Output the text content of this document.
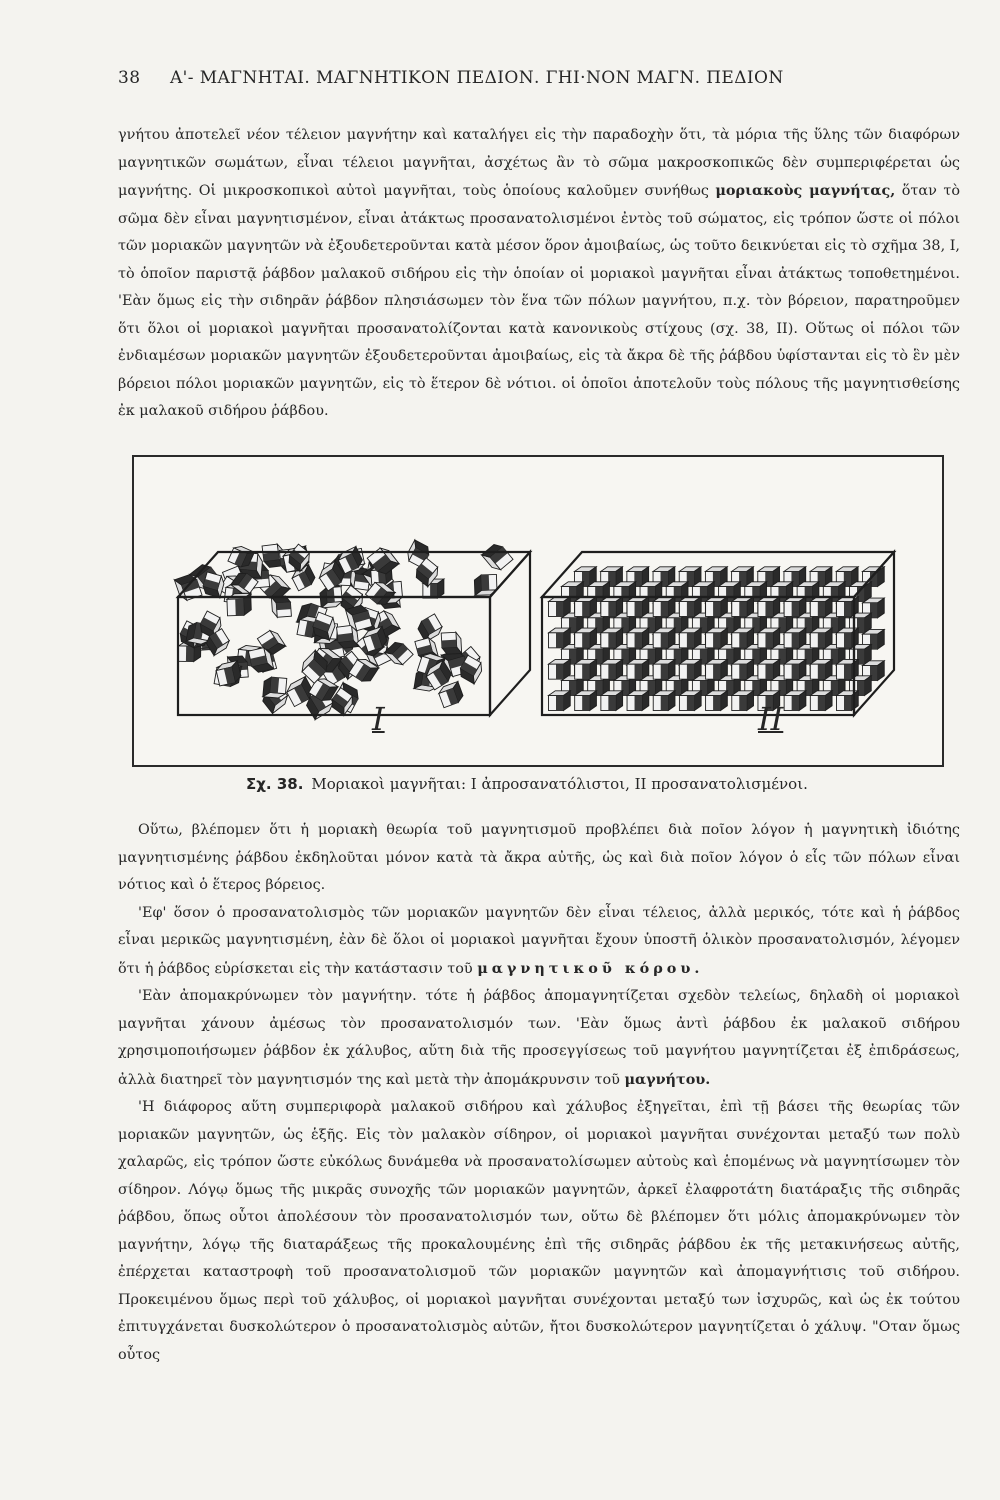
38 Α'- ΜΑΓΝΗΤΑΙ. ΜΑΓΝΗΤΙΚΟΝ ΠΕΔΙΟΝ. ΓΗΙ·ΝΟΝ ΜΑΓΝ. ΠΕΔΙΟΝ

γνήτου ἀποτελεῖ νέον τέλειον μαγνήτην καὶ καταλήγει εἰς τὴν παραδοχὴν ὅτι, τὰ μόρια τῆς ὕλης τῶν διαφόρων μαγνητικῶν σωμάτων, εἶναι τέλειοι μαγνῆται, ἀσχέτως ἂν τὸ σῶμα μακροσκοπικῶς δὲν συμπεριφέρεται ὡς μαγνήτης. Οἱ μικροσκοπικοὶ αὐτοὶ μαγνῆται, τοὺς ὁποίους καλοῦμεν συνήθως μοριακοὺς μαγνήτας, ὅταν τὸ σῶμα δὲν εἶναι μαγνητισμένον, εἶναι ἀτάκτως προσανατολισμένοι ἐντὸς τοῦ σώματος, εἰς τρόπον ὥστε οἱ πόλοι τῶν μοριακῶν μαγνητῶν νὰ ἐξουδετεροῦνται κατὰ μέσον ὅρον ἀμοιβαίως, ὡς τοῦτο δεικνύεται εἰς τὸ σχῆμα 38, I, τὸ ὁποῖον παριστᾷ ῥάβδον μαλακοῦ σιδήρου εἰς τὴν ὁποίαν οἱ μοριακοὶ μαγνῆται εἶναι ἀτάκτως τοποθετημένοι. 'Εὰν ὅμως εἰς τὴν σιδηρᾶν ῥάβδον πλησιάσωμεν τὸν ἕνα τῶν πόλων μαγνήτου, π.χ. τὸν βόρειον, παρατηροῦμεν ὅτι ὅλοι οἱ μοριακοὶ μαγνῆται προσανατολίζονται κατὰ κανονικοὺς στίχους (σχ. 38, II). Οὕτως οἱ πόλοι τῶν ἐνδιαμέσων μοριακῶν μαγνητῶν ἐξουδετεροῦνται ἀμοιβαίως, εἰς τὰ ἄκρα δὲ τῆς ῥάβδου ὑφίστανται εἰς τὸ ἓν μὲν βόρειοι πόλοι μοριακῶν μαγνητῶν, εἰς τὸ ἕτερον δὲ νότιοι. οἱ ὁποῖοι ἀποτελοῦν τοὺς πόλους τῆς μαγνητισθείσης ἐκ μαλακοῦ σιδήρου ῥάβδου.

I	II
Σχ. 38. Μοριακοὶ μαγνῆται: I ἀπροσανατόλιστοι, II προσανατολισμένοι.

Οὕτω, βλέπομεν ὅτι ἡ μοριακὴ θεωρία τοῦ μαγνητισμοῦ προβλέπει διὰ ποῖον λόγον ἡ μαγνητικὴ ἰδιότης μαγνητισμένης ῥάβδου ἐκδηλοῦται μόνον κατὰ τὰ ἄκρα αὐτῆς, ὡς καὶ διὰ ποῖον λόγον ὁ εἷς τῶν πόλων εἶναι νότιος καὶ ὁ ἕτερος βόρειος.

'Εφ' ὅσον ὁ προσανατολισμὸς τῶν μοριακῶν μαγνητῶν δὲν εἶναι τέλειος, ἀλλὰ μερικός, τότε καὶ ἡ ῥάβδος εἶναι μερικῶς μαγνητισμένη, ἐὰν δὲ ὅλοι οἱ μοριακοὶ μαγνῆται ἔχουν ὑποστῆ ὁλικὸν προσανατολισμόν, λέγομεν ὅτι ἡ ῥάβδος εὑρίσκεται εἰς τὴν κατάστασιν τοῦ μαγνητικοῦ κόρου.

'Εὰν ἀπομακρύνωμεν τὸν μαγνήτην. τότε ἡ ῥάβδος ἀπομαγνητίζεται σχεδὸν τελείως, δηλαδὴ οἱ μοριακοὶ μαγνῆται χάνουν ἀμέσως τὸν προσανατολισμόν των. 'Εὰν ὅμως ἀντὶ ῥάβδου ἐκ μαλακοῦ σιδήρου χρησιμοποιήσωμεν ῥάβδον ἐκ χάλυβος, αὕτη διὰ τῆς προσεγγίσεως τοῦ μαγνήτου μαγνητίζεται ἐξ ἐπιδράσεως, ἀλλὰ διατηρεῖ τὸν μαγνητισμόν της καὶ μετὰ τὴν ἀπομάκρυνσιν τοῦ μαγνήτου.

'Η διάφορος αὕτη συμπεριφορὰ μαλακοῦ σιδήρου καὶ χάλυβος ἐξηγεῖται, ἐπὶ τῇ βάσει τῆς θεωρίας τῶν μοριακῶν μαγνητῶν, ὡς ἑξῆς. Εἰς τὸν μαλακὸν σίδηρον, οἱ μοριακοὶ μαγνῆται συνέχονται μεταξύ των πολὺ χαλαρῶς, εἰς τρόπον ὥστε εὐκόλως δυνάμεθα νὰ προσανατολίσωμεν αὐτοὺς καὶ ἑπομένως νὰ μαγνητίσωμεν τὸν σίδηρον. Λόγῳ ὅμως τῆς μικρᾶς συνοχῆς τῶν μοριακῶν μαγνητῶν, ἀρκεῖ ἐλαφροτάτη διατάραξις τῆς σιδηρᾶς ῥάβδου, ὅπως οὗτοι ἀπολέσουν τὸν προσανατολισμόν των, οὕτω δὲ βλέπομεν ὅτι μόλις ἀπομακρύνωμεν τὸν μαγνήτην, λόγῳ τῆς διαταράξεως τῆς προκαλουμένης ἐπὶ τῆς σιδηρᾶς ῥάβδου ἐκ τῆς μετακινήσεως αὐτῆς, ἐπέρχεται καταστροφὴ τοῦ προσανατολισμοῦ τῶν μοριακῶν μαγνητῶν καὶ ἀπομαγνήτισις τοῦ σιδήρου. Προκειμένου ὅμως περὶ τοῦ χάλυβος, οἱ μοριακοὶ μαγνῆται συνέχονται μεταξύ των ἰσχυρῶς, καὶ ὡς ἐκ τούτου ἐπιτυγχάνεται δυσκολώτερον ὁ προσανατολισμὸς αὐτῶν, ἤτοι δυσκολώτερον μαγνητίζεται ὁ χάλυψ. "Οταν ὅμως οὗτος
